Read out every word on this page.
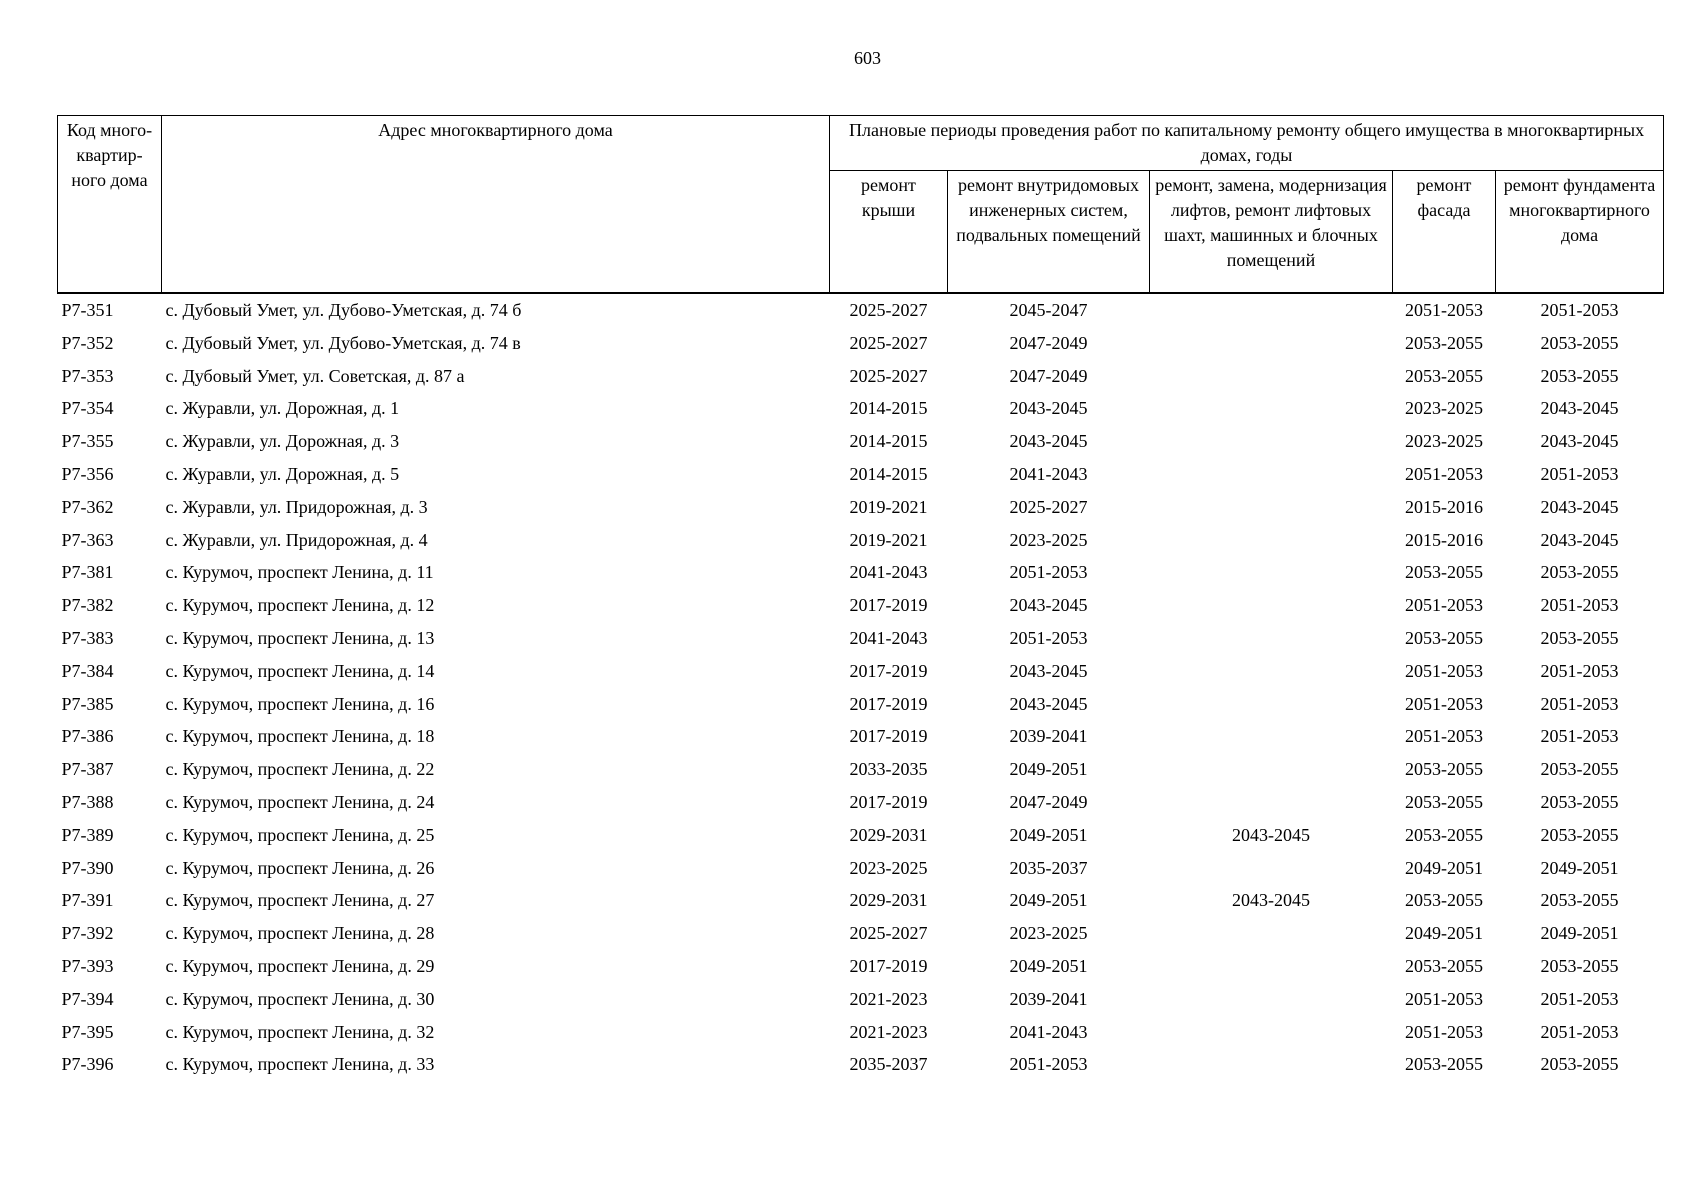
603
Код много-
квартир-
ного дома	Адрес многоквартирного дома	Плановые периоды проведения работ по капитальному ремонту общего имущества в многоквартирных домах, годы				

		ремонт крыши	ремонт внутридомовых инженерных систем, подвальных помещений	ремонт, замена, модернизация лифтов, ремонт лифтовых шахт, машинных и блочных помещений	ремонт фасада	ремонт фундамента многоквартирного дома
Р7-351	с. Дубовый Умет, ул. Дубово-Уметская, д. 74 б	2025-2027	2045-2047		2051-2053	2051-2053
Р7-352	с. Дубовый Умет, ул. Дубово-Уметская, д. 74 в	2025-2027	2047-2049		2053-2055	2053-2055
Р7-353	с. Дубовый Умет, ул. Советская, д. 87 а	2025-2027	2047-2049		2053-2055	2053-2055
Р7-354	с. Журавли, ул. Дорожная, д. 1	2014-2015	2043-2045		2023-2025	2043-2045
Р7-355	с. Журавли, ул. Дорожная, д. 3	2014-2015	2043-2045		2023-2025	2043-2045
Р7-356	с. Журавли, ул. Дорожная, д. 5	2014-2015	2041-2043		2051-2053	2051-2053
Р7-362	с. Журавли, ул. Придорожная, д. 3	2019-2021	2025-2027		2015-2016	2043-2045
Р7-363	с. Журавли, ул. Придорожная, д. 4	2019-2021	2023-2025		2015-2016	2043-2045
Р7-381	с. Курумоч, проспект Ленина, д. 11	2041-2043	2051-2053		2053-2055	2053-2055
Р7-382	с. Курумоч, проспект Ленина, д. 12	2017-2019	2043-2045		2051-2053	2051-2053
Р7-383	с. Курумоч, проспект Ленина, д. 13	2041-2043	2051-2053		2053-2055	2053-2055
Р7-384	с. Курумоч, проспект Ленина, д. 14	2017-2019	2043-2045		2051-2053	2051-2053
Р7-385	с. Курумоч, проспект Ленина, д. 16	2017-2019	2043-2045		2051-2053	2051-2053
Р7-386	с. Курумоч, проспект Ленина, д. 18	2017-2019	2039-2041		2051-2053	2051-2053
Р7-387	с. Курумоч, проспект Ленина, д. 22	2033-2035	2049-2051		2053-2055	2053-2055
Р7-388	с. Курумоч, проспект Ленина, д. 24	2017-2019	2047-2049		2053-2055	2053-2055
Р7-389	с. Курумоч, проспект Ленина, д. 25	2029-2031	2049-2051	2043-2045	2053-2055	2053-2055
Р7-390	с. Курумоч, проспект Ленина, д. 26	2023-2025	2035-2037		2049-2051	2049-2051
Р7-391	с. Курумоч, проспект Ленина, д. 27	2029-2031	2049-2051	2043-2045	2053-2055	2053-2055
Р7-392	с. Курумоч, проспект Ленина, д. 28	2025-2027	2023-2025		2049-2051	2049-2051
Р7-393	с. Курумоч, проспект Ленина, д. 29	2017-2019	2049-2051		2053-2055	2053-2055
Р7-394	с. Курумоч, проспект Ленина, д. 30	2021-2023	2039-2041		2051-2053	2051-2053
Р7-395	с. Курумоч, проспект Ленина, д. 32	2021-2023	2041-2043		2051-2053	2051-2053
Р7-396	с. Курумоч, проспект Ленина, д. 33	2035-2037	2051-2053		2053-2055	2053-2055
